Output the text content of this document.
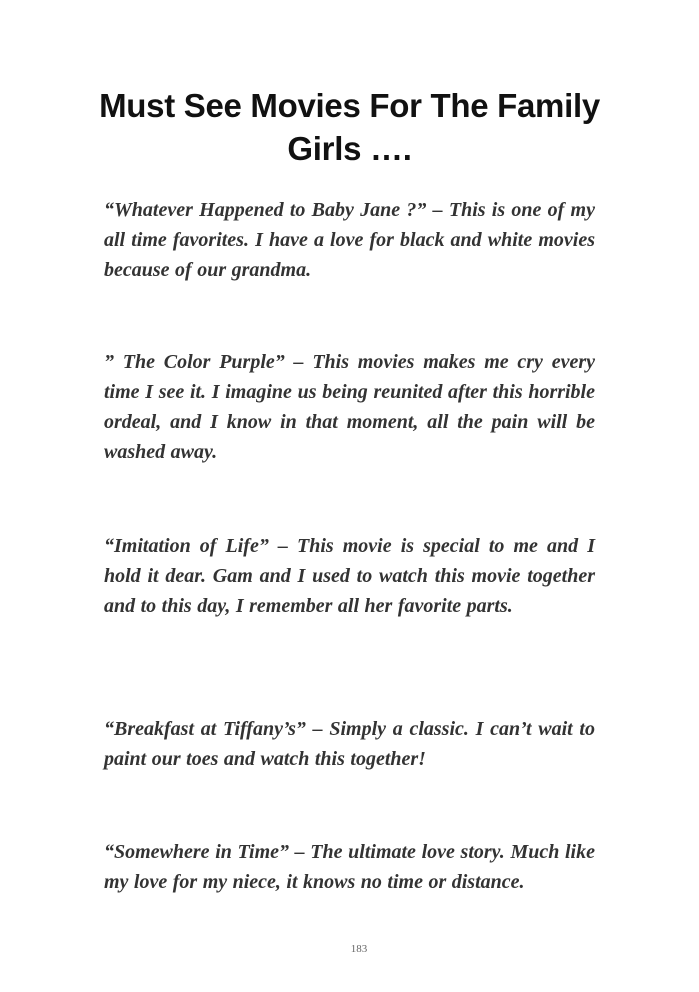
Must See Movies For The Family Girls ….

“Whatever Happened to Baby Jane ?” – This is one of my all time favorites. I have a love for black and white movies because of our grandma.

” The Color Purple” – This movies makes me cry every time I see it. I imagine us being reunited after this horrible ordeal, and I know in that moment, all the pain will be washed away.

“Imitation of Life” – This movie is special to me and I hold it dear. Gam and I used to watch this movie together and to this day, I remember all her favorite parts.

“Breakfast at Tiffany’s” – Simply a classic. I can’t wait to paint our toes and watch this together!

“Somewhere in Time” – The ultimate love story. Much like my love for my niece, it knows no time or distance.

183
